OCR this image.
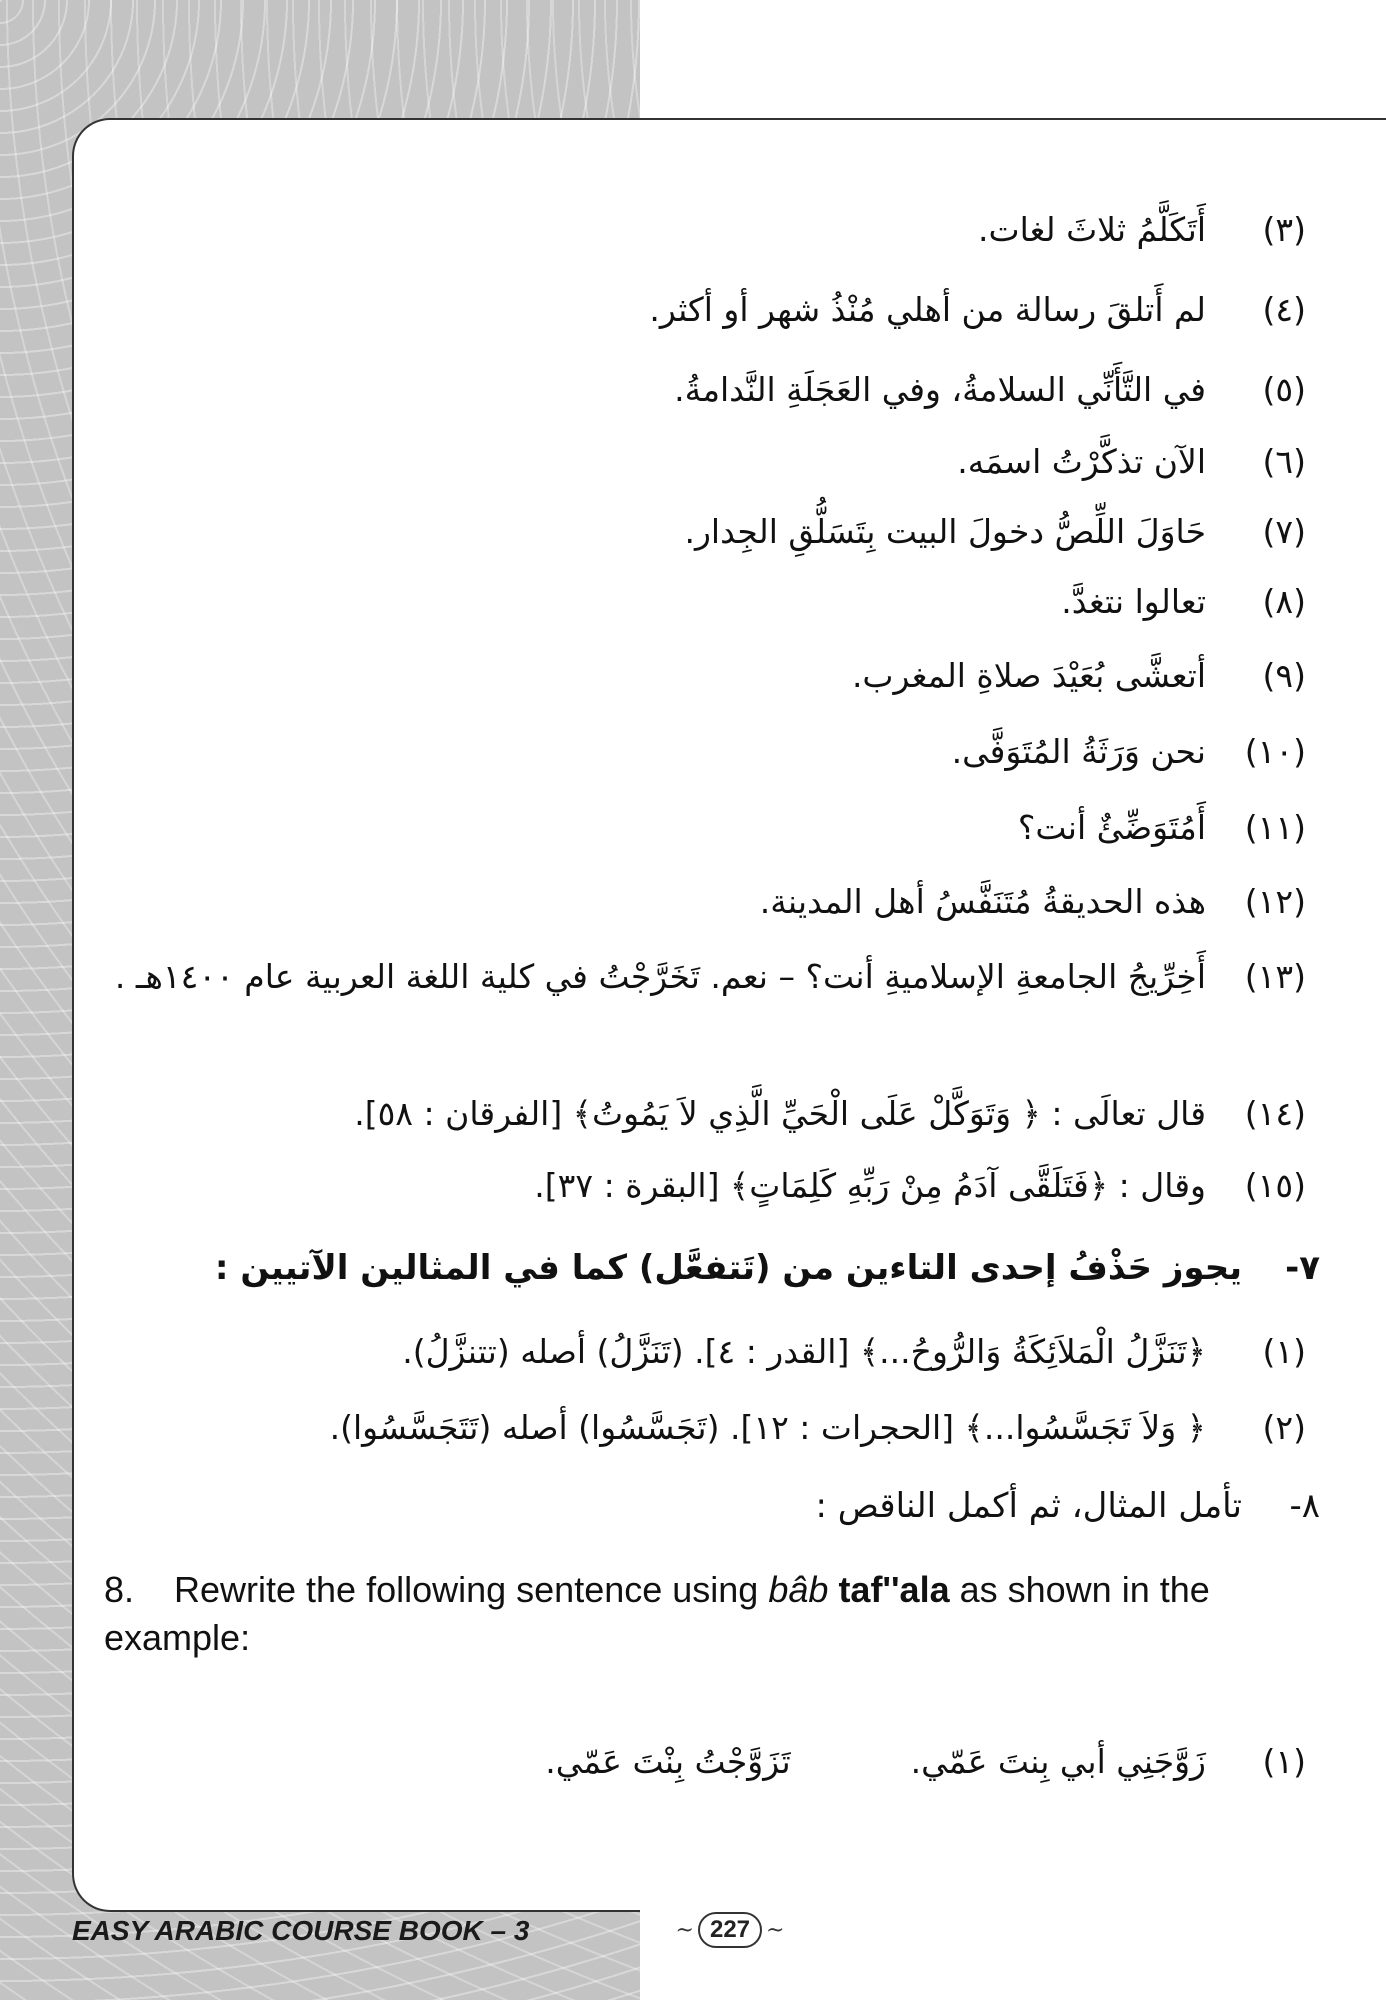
(٣)أَتَكَلَّمُ ثلاثَ لغات.
(٤)لم أَتلقَ رسالة من أهلي مُنْذُ شهر أو أكثر.
(٥)في التَّأَنِّي السلامةُ، وفي العَجَلَةِ النَّدامةُ.
(٦)الآن تذكَّرْتُ اسمَه.
(٧)حَاوَلَ اللِّصُّ دخولَ البيت بِتَسَلُّقِ الجِدار.
(٨)تعالوا نتغدَّ.
(٩)أتعشَّى بُعَيْدَ صلاةِ المغرب.
(١٠)نحن وَرَثَةُ المُتَوَفَّى.
(١١)أَمُتَوَضِّئٌ أنت؟
(١٢)هذه الحديقةُ مُتَنَفَّسُ أهل المدينة.
(١٣)أَخِرِّيجُ الجامعةِ الإسلاميةِ أنت؟ – نعم. تَخَرَّجْتُ في كلية اللغة العربية عام ١٤٠٠هـ .
(١٤)قال تعالَى : ﴿ وَتَوَكَّلْ عَلَى الْحَيِّ الَّذِي لاَ يَمُوتُ﴾ [الفرقان : ٥٨].
(١٥)وقال : ﴿فَتَلَقَّى آدَمُ مِنْ رَبِّهِ كَلِمَاتٍ﴾ [البقرة : ٣٧].
٧-يجوز حَذْفُ إحدى التاءين من (تَتفعَّل) كما في المثالين الآتيين :
(١)﴿تَنَزَّلُ الْمَلاَئِكَةُ وَالرُّوحُ...﴾ [القدر : ٤]. (تَنَزَّلُ) أصله (تتنزَّلُ).
(٢)﴿ وَلاَ تَجَسَّسُوا...﴾ [الحجرات : ١٢]. (تَجَسَّسُوا) أصله (تَتَجَسَّسُوا).
٨-تأمل المثال، ثم أكمل الناقص :
8. Rewrite the following sentence using bâb taf''ala as shown in the example:
(١)زَوَّجَنِي أبي بِنتَ عَمّي.تَزَوَّجْتُ بِنْتَ عَمّي.
EASY ARABIC COURSE BOOK – 3	~ 227 ~
